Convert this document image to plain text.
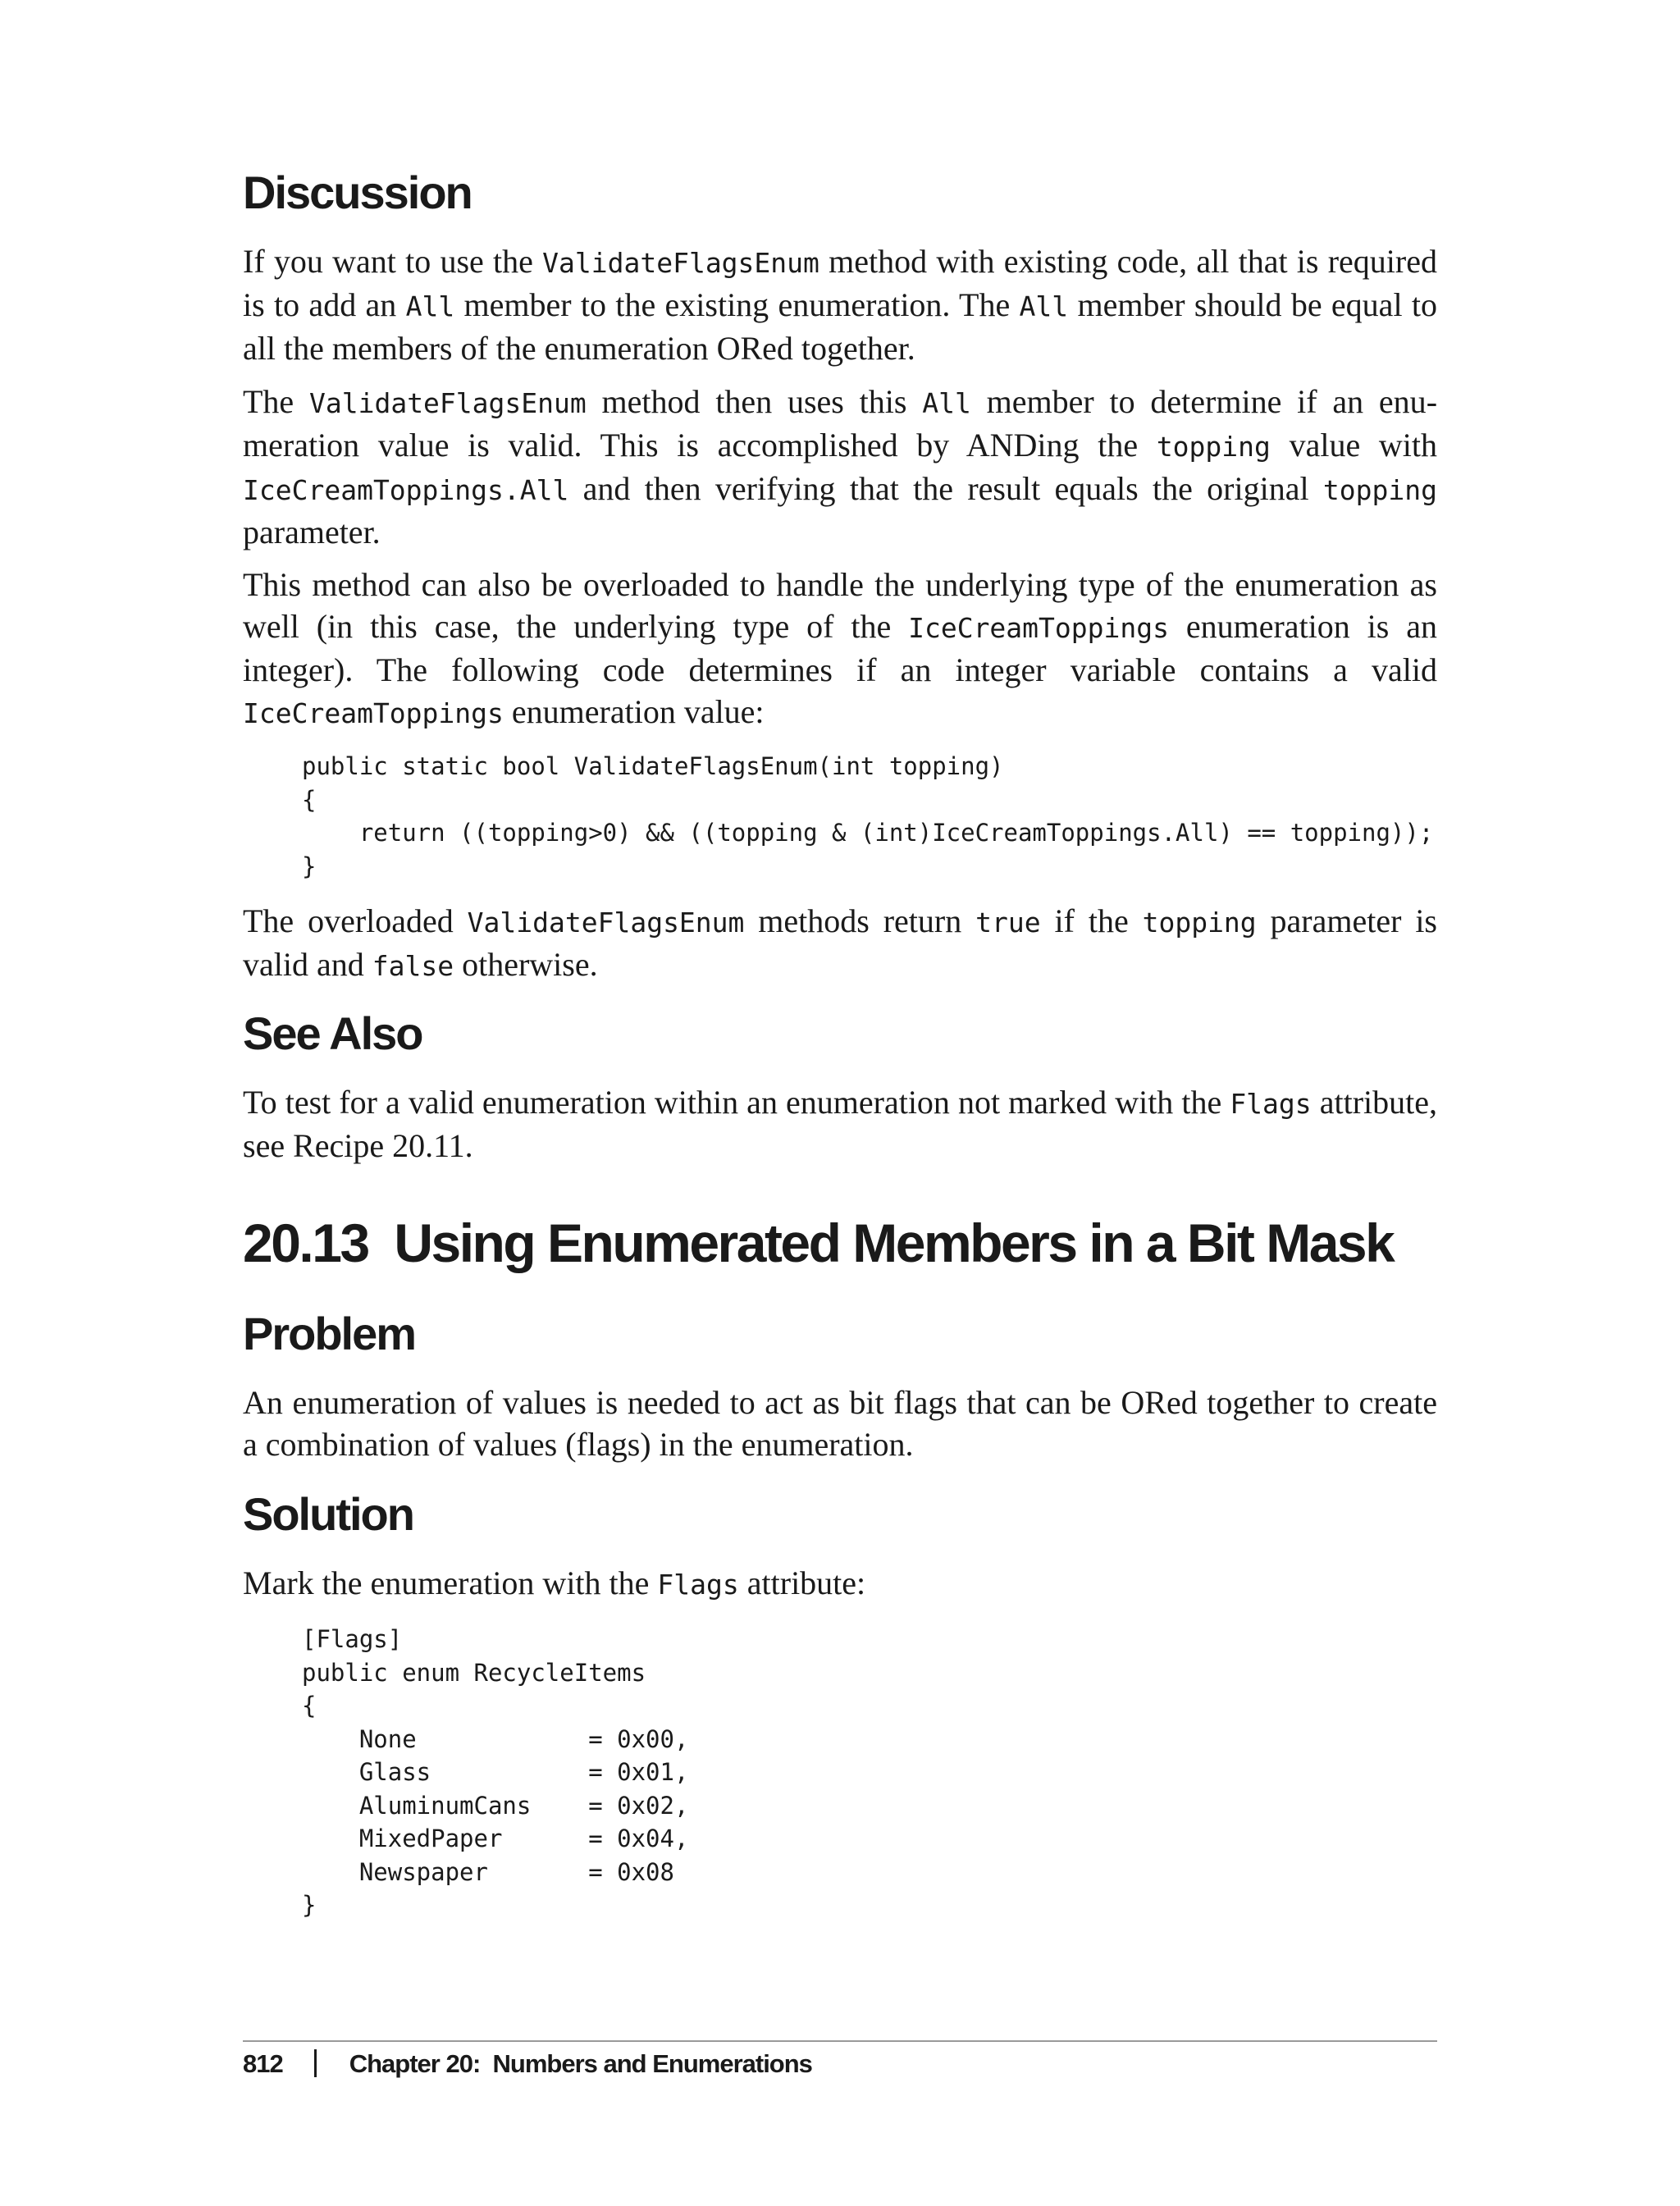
Discussion

If you want to use the ValidateFlagsEnum method with existing code, all that is required is to add an All member to the existing enumeration. The All member should be equal to all the members of the enumeration ORed together.

The ValidateFlagsEnum method then uses this All member to determine if an enumeration value is valid. This is accomplished by ANDing the topping value with IceCreamToppings.All and then verifying that the result equals the original topping parameter.

This method can also be overloaded to handle the underlying type of the enumeration as well (in this case, the underlying type of the IceCreamToppings enumeration is an integer). The following code determines if an integer variable contains a valid IceCreamToppings enumeration value:

public static bool ValidateFlagsEnum(int topping)
{
return ((topping>0) && ((topping & (int)IceCreamToppings.All) == topping));
}

The overloaded ValidateFlagsEnum methods return true if the topping parameter is valid and false otherwise.

See Also

To test for a valid enumeration within an enumeration not marked with the Flags attribute, see Recipe 20.11.

20.13  Using Enumerated Members in a Bit Mask
Problem

An enumeration of values is needed to act as bit flags that can be ORed together to create a combination of values (flags) in the enumeration.

Solution

Mark the enumeration with the Flags attribute:

[Flags]
public enum RecycleItems
{
None            = 0x00,
Glass           = 0x01,
AluminumCans    = 0x02,
MixedPaper      = 0x04,
Newspaper       = 0x08
}
812	Chapter 20:  Numbers and Enumerations
